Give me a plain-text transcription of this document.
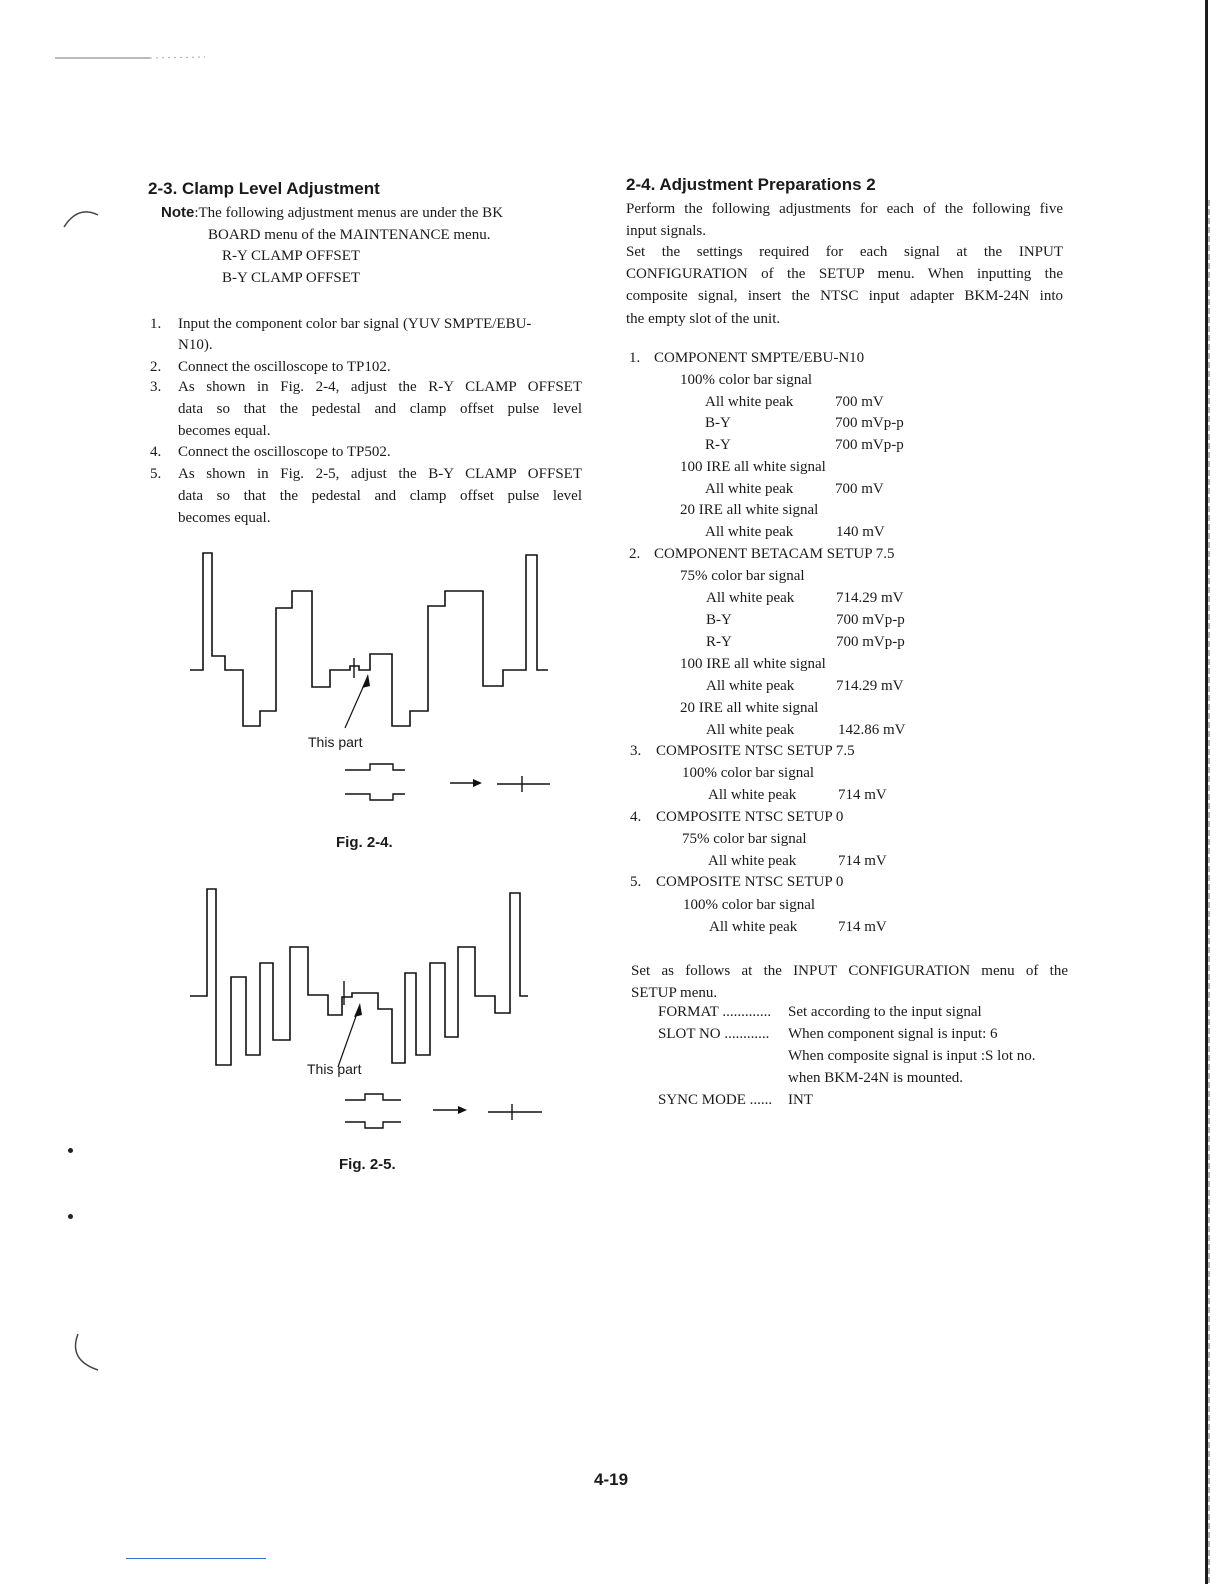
2-3. Clamp Level Adjustment
Note:The following adjustment menus are under the BK
BOARD menu of the MAINTENANCE menu.
R-Y CLAMP OFFSET
B-Y CLAMP OFFSET
1. Input the component color bar signal (YUV SMPTE/EBU-
N10).
2. Connect the oscilloscope to TP102.
3. As shown in Fig. 2-4, adjust the R-Y CLAMP OFFSET
data so that the pedestal and clamp offset pulse level
becomes equal.
4. Connect the oscilloscope to TP502.
5. As shown in Fig. 2-5, adjust the B-Y CLAMP OFFSET
data so that the pedestal and clamp offset pulse level
becomes equal.
This part
Fig. 2-4.
This part
Fig. 2-5.
2-4. Adjustment Preparations 2
Perform the following adjustments for each of the following five
input signals.
Set the settings required for each signal at the INPUT
CONFIGURATION of the SETUP menu. When inputting the
composite signal, insert the NTSC input adapter BKM-24N into
the empty slot of the unit.
1. COMPONENT SMPTE/EBU-N10
100% color bar signal
All white peak	700 mV
B-Y	700 mVp-p
R-Y	700 mVp-p
100 IRE all white signal
All white peak	700 mV
20 IRE all white signal
All white peak	140 mV
2. COMPONENT BETACAM SETUP 7.5
75% color bar signal
All white peak	714.29 mV
B-Y	700 mVp-p
R-Y	700 mVp-p
100 IRE all white signal
All white peak	714.29 mV
20 IRE all white signal
All white peak	142.86 mV
3. COMPOSITE NTSC SETUP 7.5
100% color bar signal
All white peak	714 mV
4. COMPOSITE NTSC SETUP 0
75% color bar signal
All white peak	714 mV
5. COMPOSITE NTSC SETUP 0
100% color bar signal
All white peak	714 mV
Set as follows at the INPUT CONFIGURATION menu of the
SETUP menu.
FORMAT ............. Set according to the input signal
SLOT NO ............ When component signal is input: 6
When composite signal is input :S lot no.
when BKM-24N is mounted.
SYNC MODE ...... INT
4-19
